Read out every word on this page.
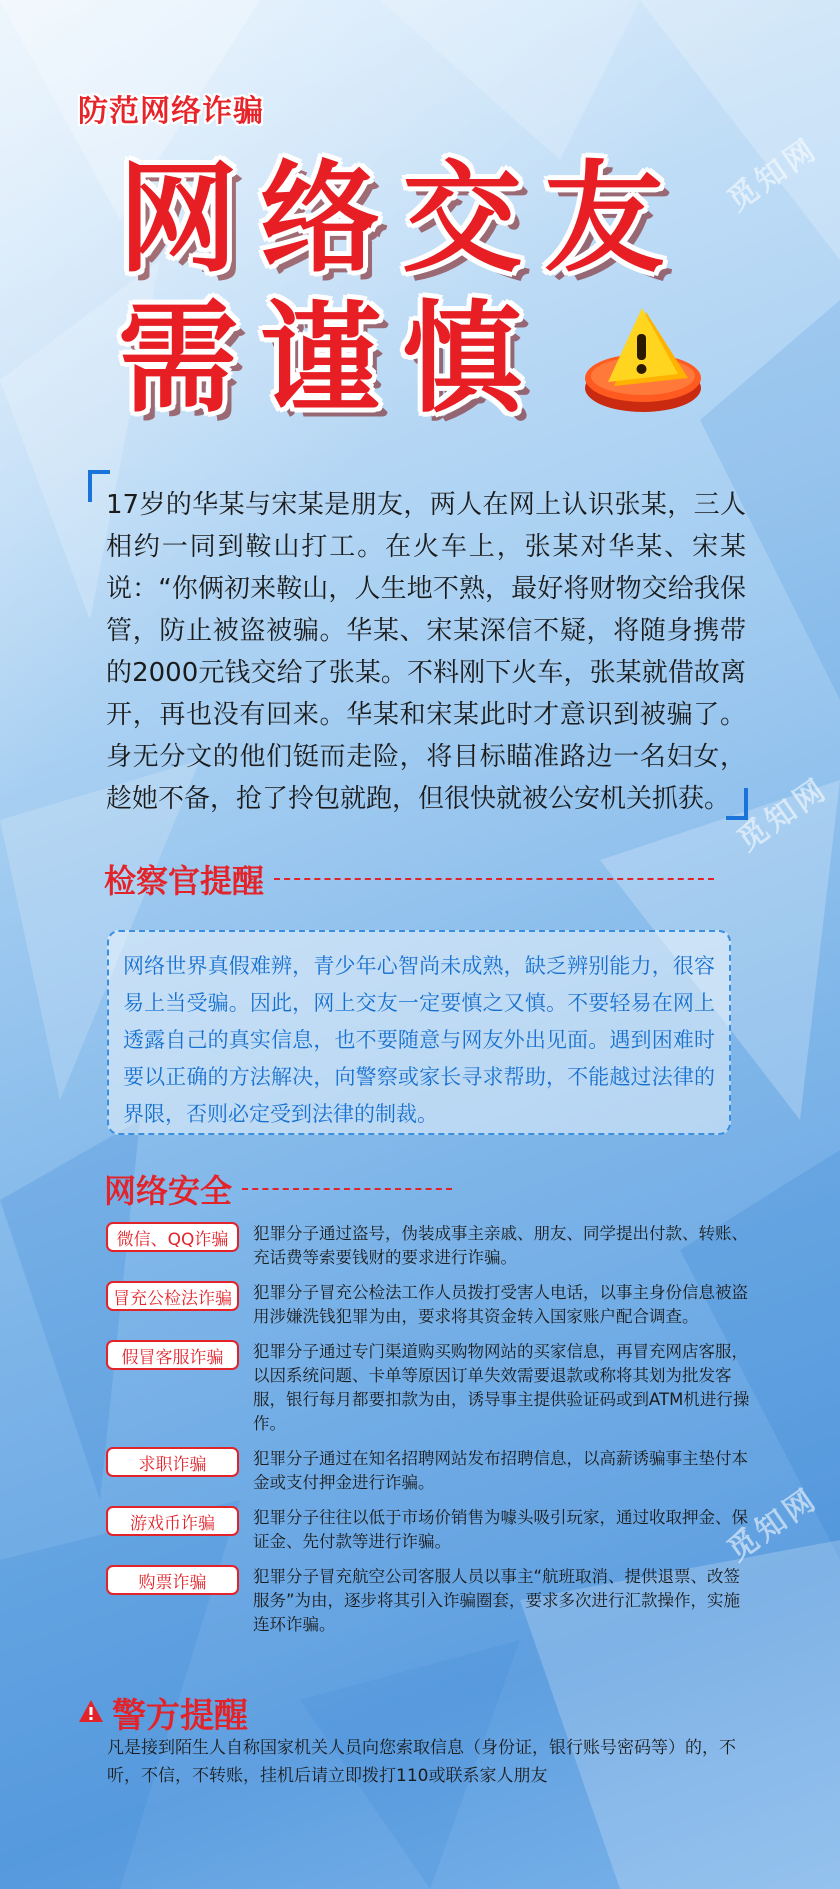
觅知网
觅知网
觅知网
防范网络诈骗
网络交友
需谨慎

17岁的华某与宋某是朋友，两人在网上认识张某，三人相约一同到鞍山打工。在火车上，张某对华某、宋某说：“你俩初来鞍山，人生地不熟，最好将财物交给我保管，防止被盗被骗。华某、宋某深信不疑，将随身携带的2000元钱交给了张某。不料刚下火车，张某就借故离开，再也没有回来。华某和宋某此时才意识到被骗了。身无分文的他们铤而走险，将目标瞄准路边一名妇女，趁她不备，抢了拎包就跑，但很快就被公安机关抓获。

检察官提醒

网络世界真假难辨，青少年心智尚未成熟，缺乏辨别能力，很容易上当受骗。因此，网上交友一定要慎之又慎。不要轻易在网上透露自己的真实信息，也不要随意与网友外出见面。遇到困难时要以正确的方法解决，向警察或家长寻求帮助，不能越过法律的界限，否则必定受到法律的制裁。

网络安全
微信、QQ诈骗	犯罪分子通过盗号，伪装成事主亲戚、朋友、同学提出付款、转账、充话费等索要钱财的要求进行诈骗。
冒充公检法诈骗	犯罪分子冒充公检法工作人员拨打受害人电话，以事主身份信息被盗用涉嫌洗钱犯罪为由，要求将其资金转入国家账户配合调查。
假冒客服诈骗	犯罪分子通过专门渠道购买购物网站的买家信息，再冒充网店客服，以因系统问题、卡单等原因订单失效需要退款或称将其划为批发客服，银行每月都要扣款为由，诱导事主提供验证码或到ATM机进行操作。
求职诈骗	犯罪分子通过在知名招聘网站发布招聘信息，以高薪诱骗事主垫付本金或支付押金进行诈骗。
游戏币诈骗	犯罪分子往往以低于市场价销售为噱头吸引玩家，通过收取押金、保证金、先付款等进行诈骗。
购票诈骗	犯罪分子冒充航空公司客服人员以事主“航班取消、提供退票、改签服务”为由，逐步将其引入诈骗圈套，要求多次进行汇款操作，实施连环诈骗。
警方提醒

凡是接到陌生人自称国家机关人员向您索取信息（身份证，银行账号密码等）的，不听，不信，不转账，挂机后请立即拨打110或联系家人朋友
